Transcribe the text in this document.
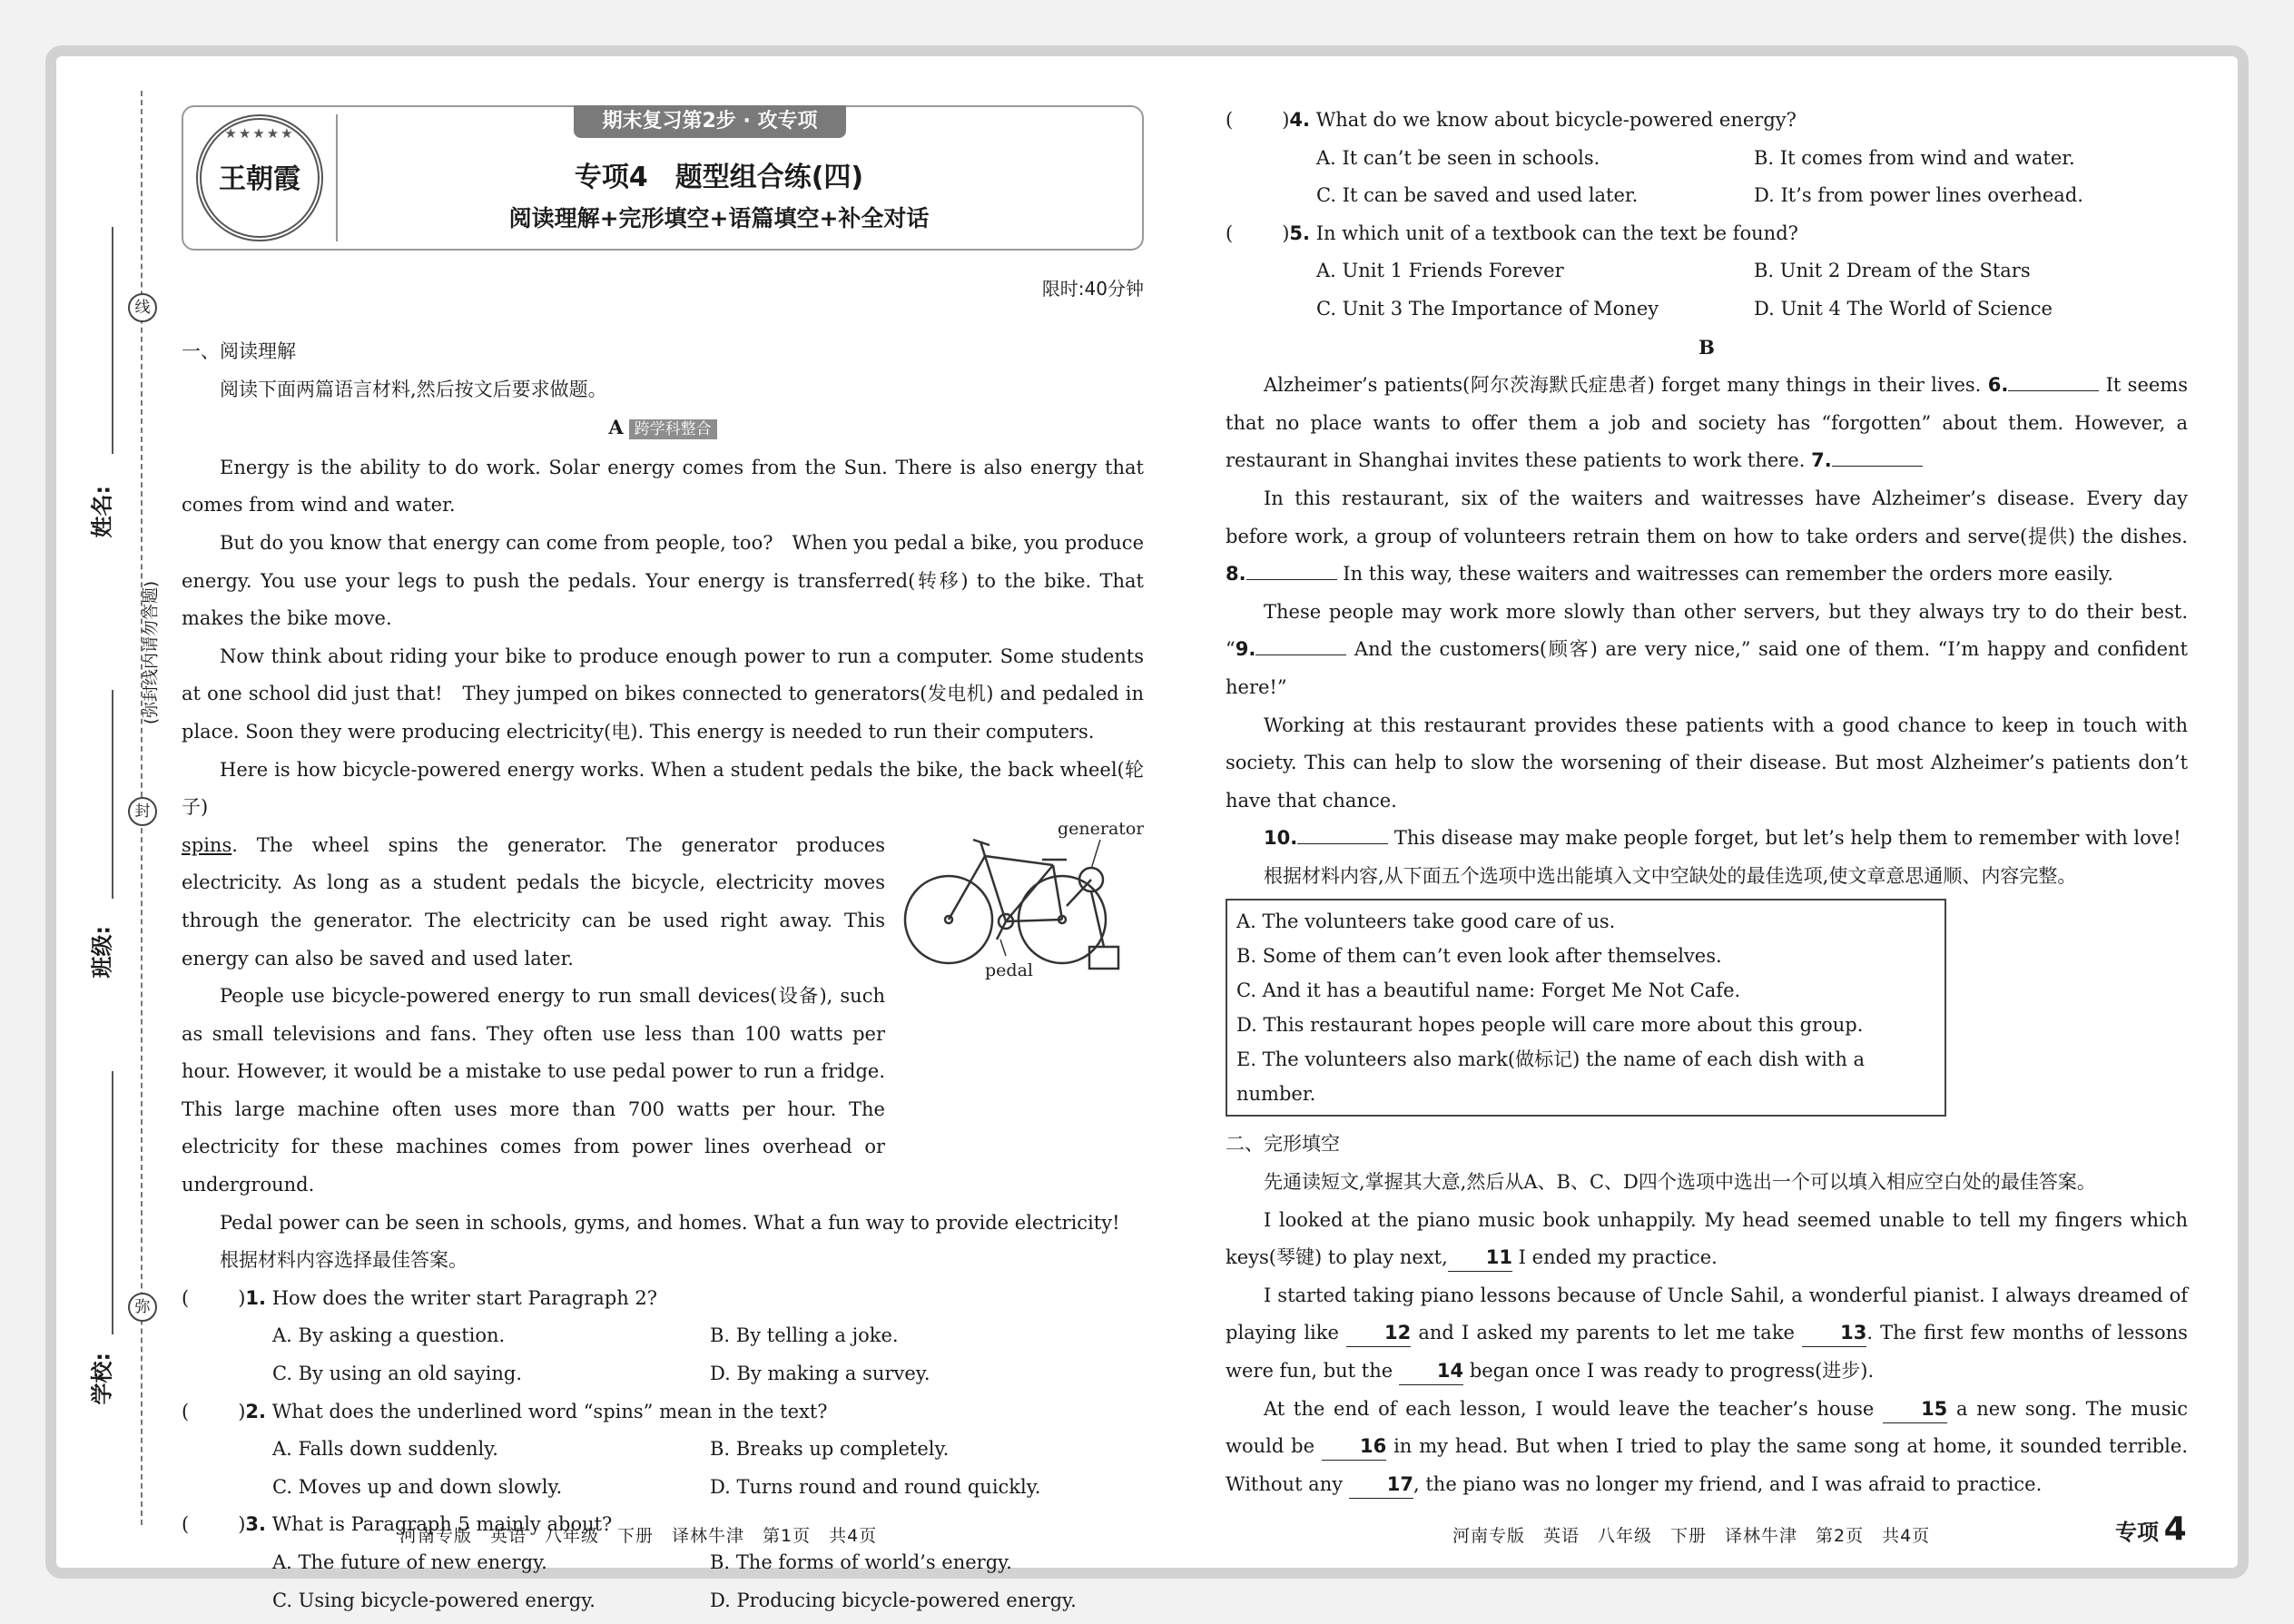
线
封
弥
(弥封线内请勿答题)
姓名:
班级:
学校:
★★★★★
王朝霞
期末复习第2步 · 攻专项
专项4　题型组合练(四)
阅读理解+完形填空+语篇填空+补全对话
限时:40分钟

一、阅读理解

阅读下面两篇语言材料,然后按文后要求做题。

A 跨学科整合

Energy is the ability to do work. Solar energy comes from the Sun. There is also energy that comes from wind and water.

But do you know that energy can come from people, too?　When you pedal a bike, you produce energy. You use your legs to push the pedals. Your energy is transferred(转移) to the bike. That makes the bike move.

Now think about riding your bike to produce enough power to run a computer. Some students at one school did just that!　They jumped on bikes connected to generators(发电机) and pedaled in place. Soon they were producing electricity(电). This energy is needed to run their computers.

Here is how bicycle-powered energy works. When a student pedals the bike, the back wheel(轮子)

spins. The wheel spins the generator. The generator produces electricity. As long as a student pedals the bicycle, electricity moves through the generator. The electricity can be used right away. This energy can also be saved and used later.

generator
pedal

People use bicycle-powered energy to run small devices(设备), such as small televisions and fans. They often use less than 100 watts per hour. However, it would be a mistake to use pedal power to run a fridge. This large machine often uses more than 700 watts per hour. The electricity for these machines comes from power lines overhead or underground.

Pedal power can be seen in schools, gyms, and homes. What a fun way to provide electricity!

根据材料内容选择最佳答案。

(	)1. How does the writer start Paragraph 2?

A. By asking a question.	B. By telling a joke.
C. By using an old saying.	D. By making a survey.

(	)2. What does the underlined word “spins” mean in the text?

A. Falls down suddenly.	B. Breaks up completely.
C. Moves up and down slowly.	D. Turns round and round quickly.

(	)3. What is Paragraph 5 mainly about?

A. The future of new energy.	B. The forms of world’s energy.
C. Using bicycle-powered energy.	D. Producing bicycle-powered energy.
河南专版　英语　八年级　下册　译林牛津　第1页　共4页

(	)4. What do we know about bicycle-powered energy?

A. It can’t be seen in schools.	B. It comes from wind and water.
C. It can be saved and used later.	D. It’s from power lines overhead.

(	)5. In which unit of a textbook can the text be found?

A. Unit 1 Friends Forever	B. Unit 2 Dream of the Stars
C. Unit 3 The Importance of Money	D. Unit 4 The World of Science

B

Alzheimer’s patients(阿尔茨海默氏症患者) forget many things in their lives. 6.	It seems that no place wants to offer them a job and society has “forgotten” about them. However, a restaurant in Shanghai invites these patients to work there. 7.

In this restaurant, six of the waiters and waitresses have Alzheimer’s disease. Every day before work, a group of volunteers retrain them on how to take orders and serve(提供) the dishes. 8.	In this way, these waiters and waitresses can remember the orders more easily.

These people may work more slowly than other servers, but they always try to do their best. “9.	And the customers(顾客) are very nice,” said one of them. “I’m happy and confident here!”

Working at this restaurant provides these patients with a good chance to keep in touch with society. This can help to slow the worsening of their disease. But most Alzheimer’s patients don’t have that chance.

10.	This disease may make people forget, but let’s help them to remember with love!

根据材料内容,从下面五个选项中选出能填入文中空缺处的最佳选项,使文章意思通顺、内容完整。

A. The volunteers take good care of us.
B. Some of them can’t even look after themselves.
C. And it has a beautiful name: Forget Me Not Cafe.
D. This restaurant hopes people will care more about this group.
E. The volunteers also mark(做标记) the name of each dish with a number.

二、完形填空

先通读短文,掌握其大意,然后从A、B、C、D四个选项中选出一个可以填入相应空白处的最佳答案。

I looked at the piano music book unhappily. My head seemed unable to tell my fingers which keys(琴键) to play next, 11 I ended my practice.

I started taking piano lessons because of Uncle Sahil, a wonderful pianist. I always dreamed of playing like 12 and I asked my parents to let me take 13. The first few months of lessons were fun, but the 14 began once I was ready to progress(进步).

At the end of each lesson, I would leave the teacher’s house 15 a new song. The music would be 16 in my head. But when I tried to play the same song at home, it sounded terrible. Without any 17, the piano was no longer my friend, and I was afraid to practice.

河南专版　英语　八年级　下册　译林牛津　第2页　共4页	专项 4
